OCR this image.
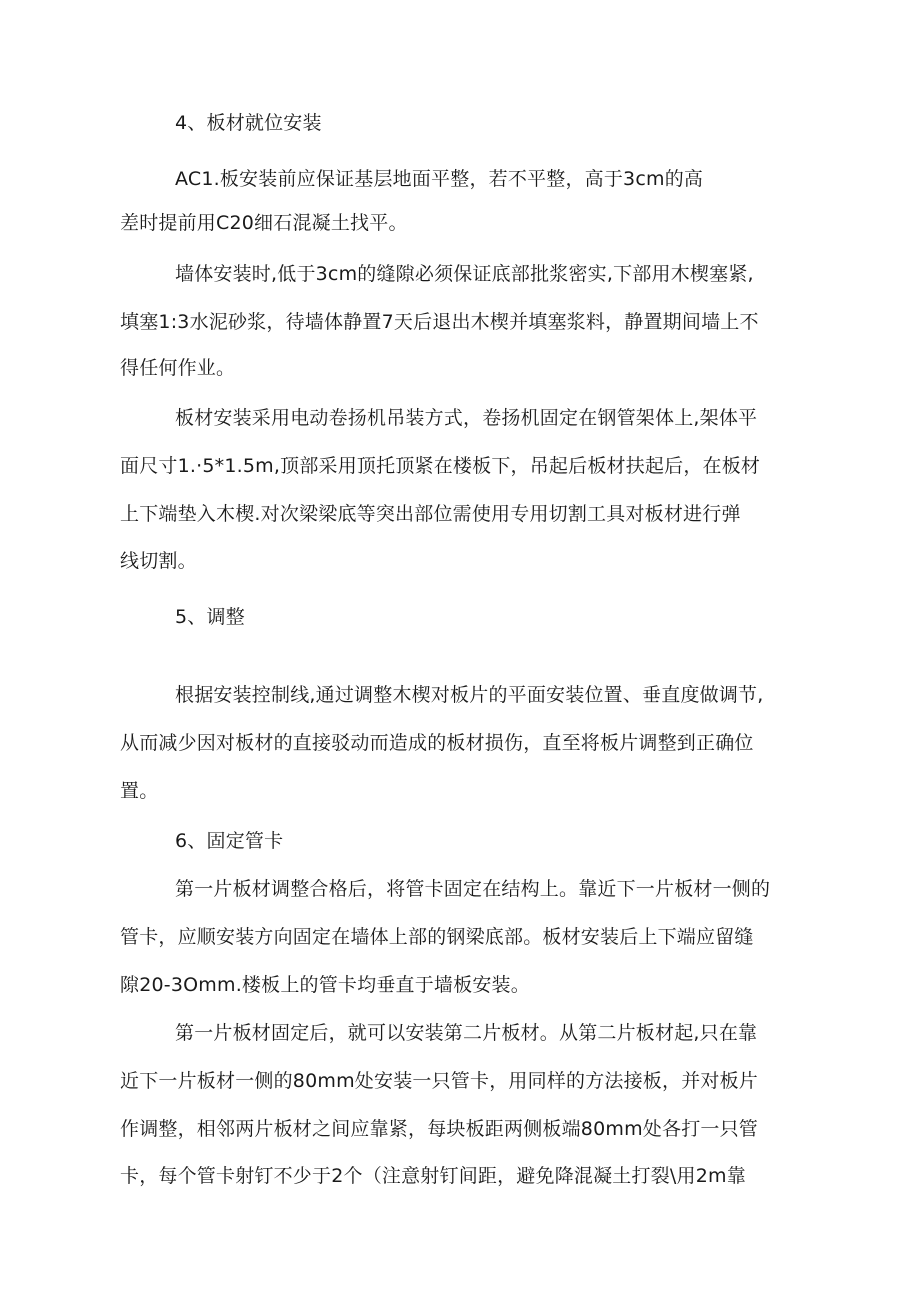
4、板材就位安装
AC1.板安装前应保证基层地面平整，若不平整，高于3cm的高
差时提前用C20细石混凝土找平。
墙体安装时,低于3cm的缝隙必须保证底部批浆密实,下部用木楔塞紧,
填塞1:3水泥砂浆，待墙体静置7天后退出木楔并填塞浆料，静置期间墙上不
得任何作业。
板材安装采用电动卷扬机吊装方式，卷扬机固定在钢管架体上,架体平
面尺寸1.·5*1.5m,顶部采用顶托顶紧在楼板下，吊起后板材扶起后，在板材
上下端垫入木楔.对次梁梁底等突出部位需使用专用切割工具对板材进行弹
线切割。
5、调整
根据安装控制线,通过调整木楔对板片的平面安装位置、垂直度做调节,
从而减少因对板材的直接驳动而造成的板材损伤，直至将板片调整到正确位
置。
6、固定管卡
第一片板材调整合格后，将管卡固定在结构上。靠近下一片板材一侧的
管卡，应顺安装方向固定在墙体上部的钢梁底部。板材安装后上下端应留缝
隙20-3Omm.楼板上的管卡均垂直于墙板安装。
第一片板材固定后，就可以安装第二片板材。从第二片板材起,只在靠
近下一片板材一侧的80mm处安装一只管卡，用同样的方法接板，并对板片
作调整，相邻两片板材之间应靠紧，每块板距两侧板端80mm处各打一只管
卡，每个管卡射钉不少于2个（注意射钉间距，避免降混凝土打裂\用2m靠
